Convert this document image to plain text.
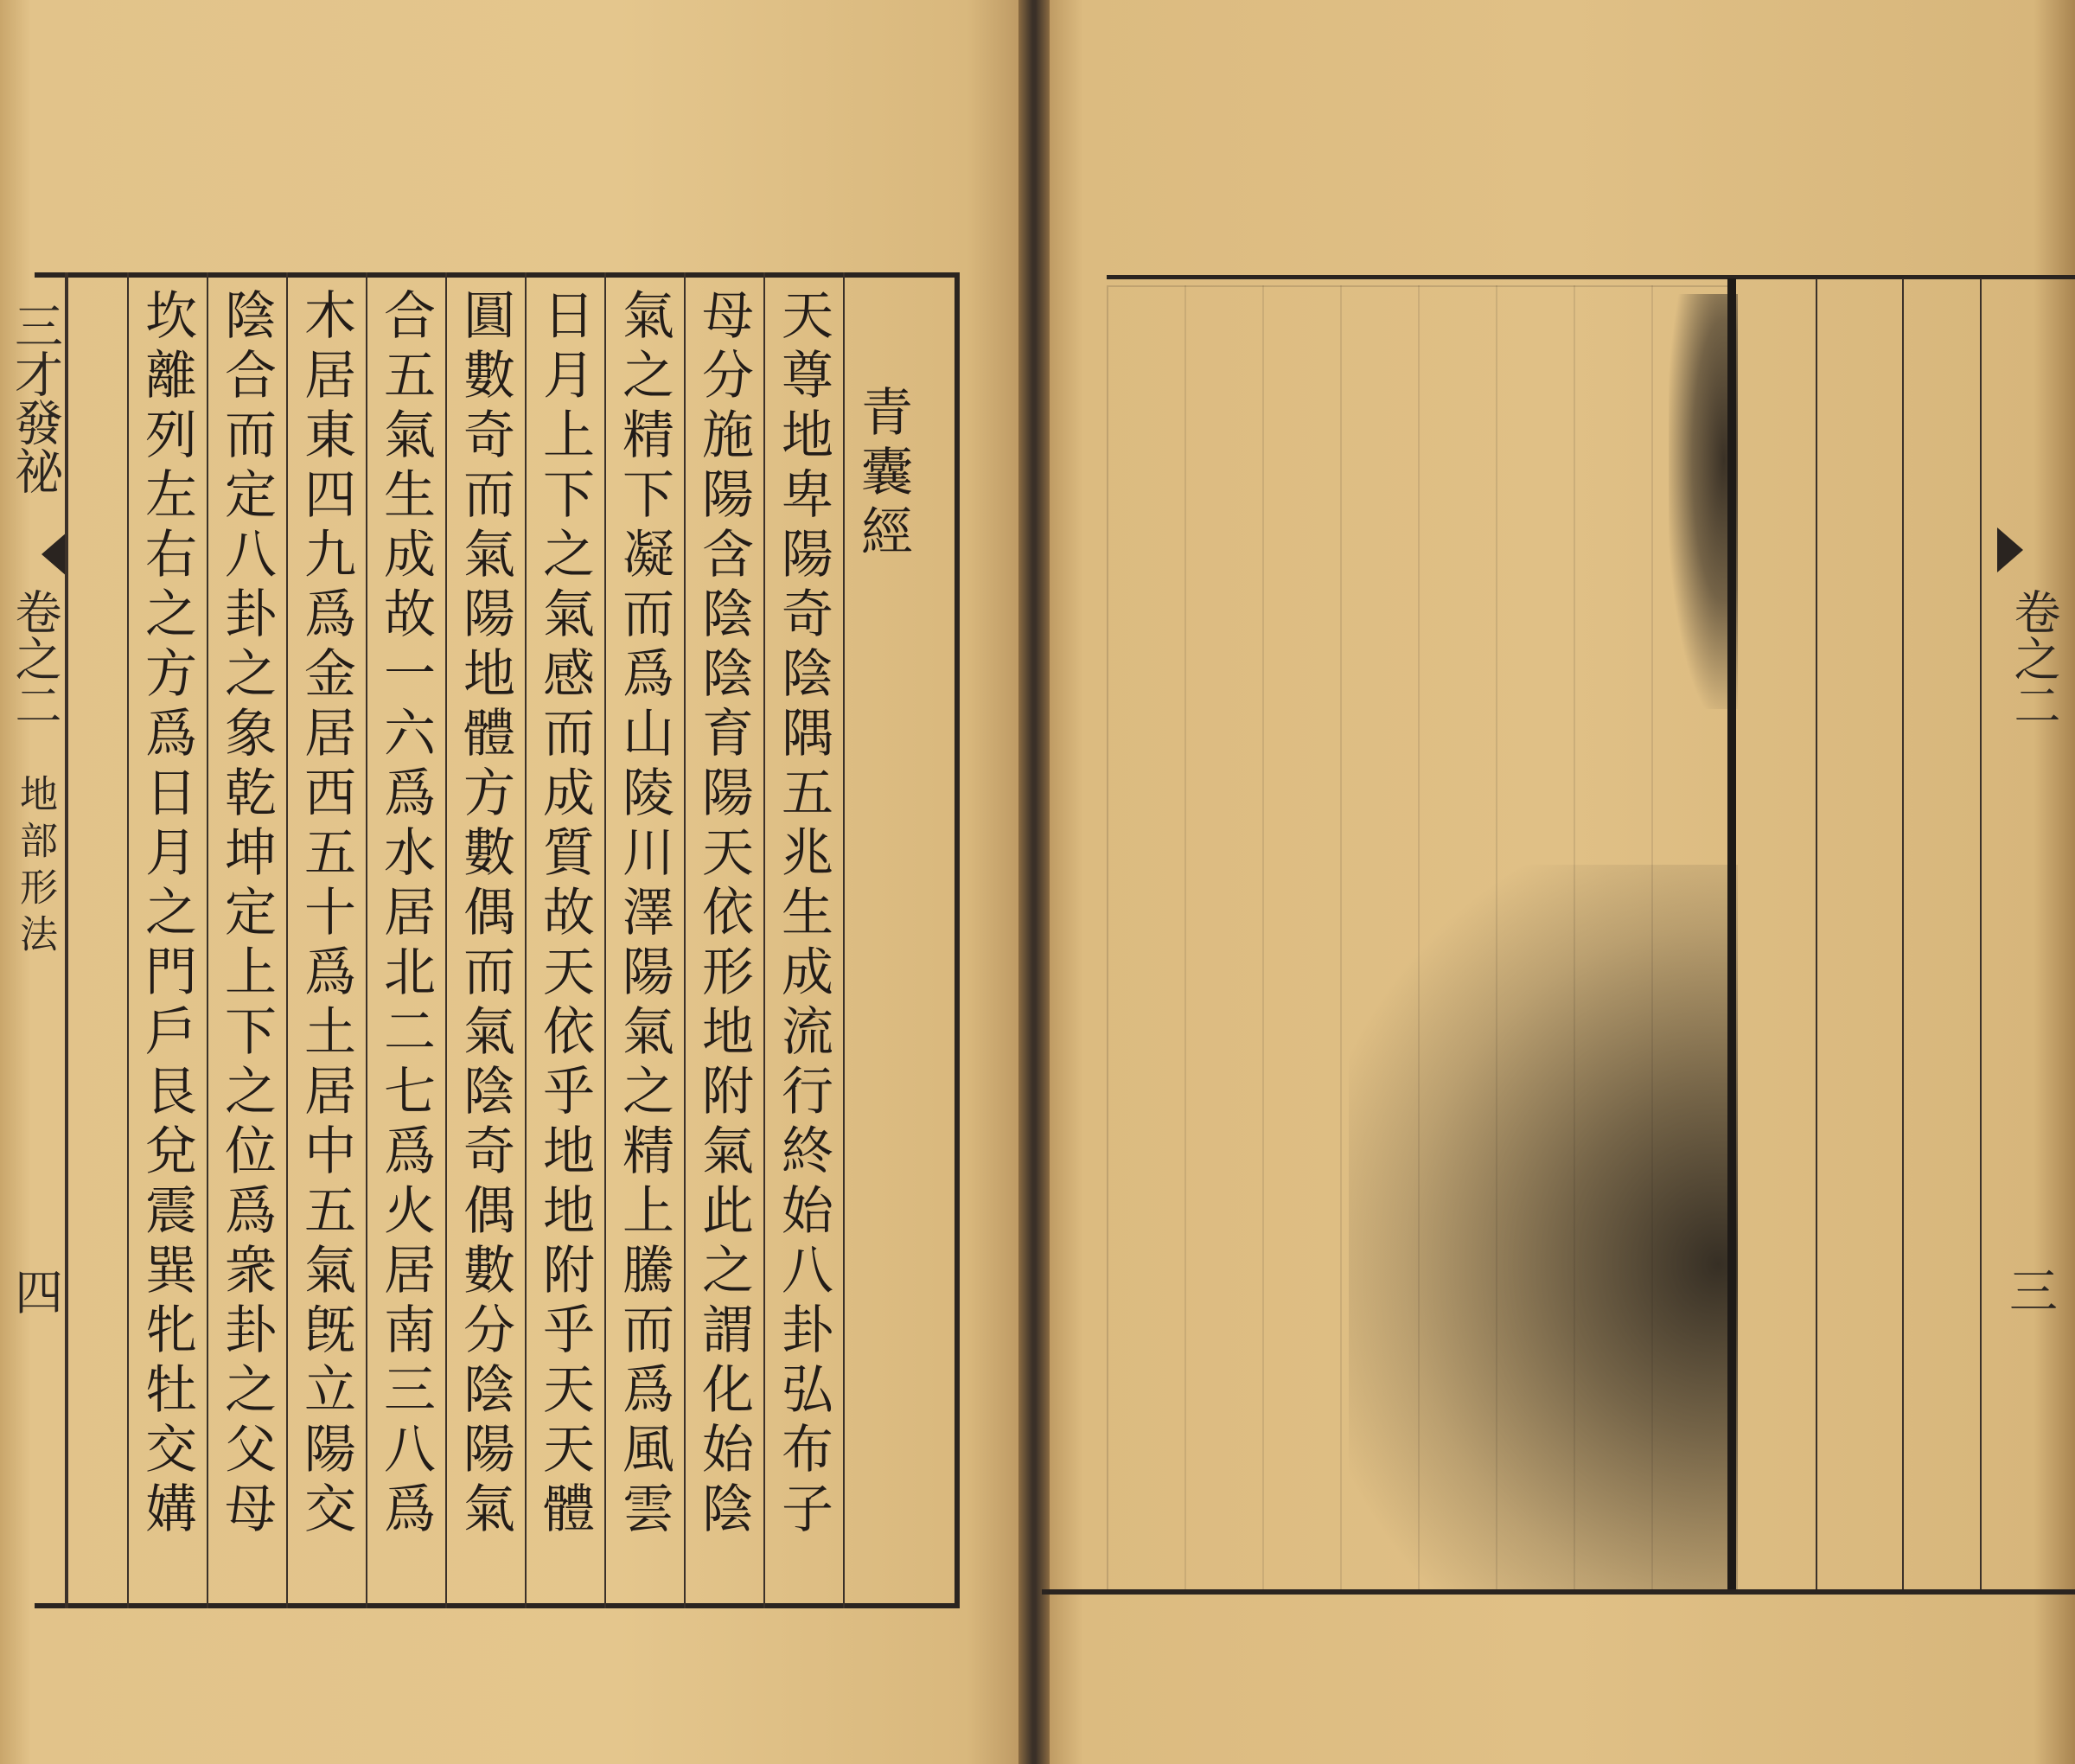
三才發祕
卷之二
地部形法
四
青囊經
天尊地卑陽奇陰隅五兆生成流行終始八卦弘布子
母分施陽含陰陰育陽天依形地附氣此之謂化始陰
氣之精下凝而爲山陵川澤陽氣之精上騰而爲風雲
日月上下之氣感而成質故天依乎地地附乎天天體
圓數奇而氣陽地體方數偶而氣陰奇偶數分陰陽氣
合五氣生成故一六爲水居北二七爲火居南三八爲
木居東四九爲金居西五十爲土居中五氣旣立陽交
陰合而定八卦之象乾坤定上下之位爲衆卦之父母
坎離列左右之方爲日月之門戶艮兌震巽牝牡交媾	卷之二
三
